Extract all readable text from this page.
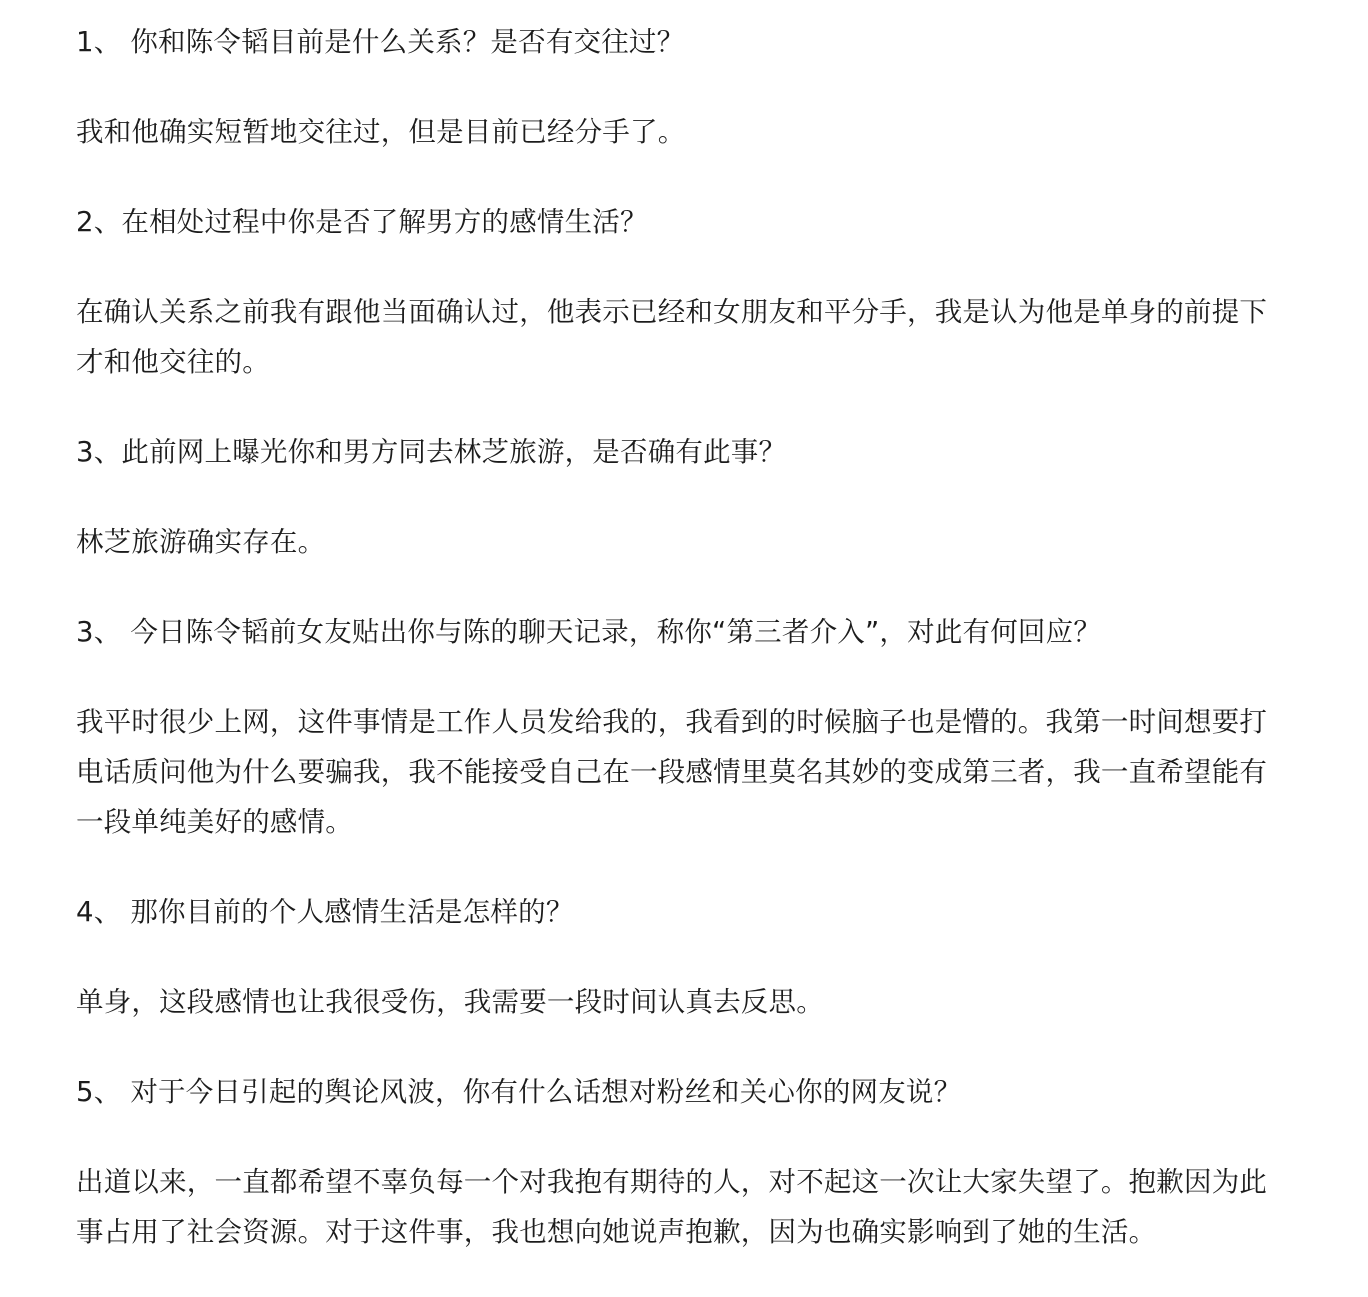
1、 你和陈令韬目前是什么关系？是否有交往过？

我和他确实短暂地交往过，但是目前已经分手了。

2、在相处过程中你是否了解男方的感情生活？

在确认关系之前我有跟他当面确认过，他表示已经和女朋友和平分手，我是认为他是单身的前提下才和他交往的。

3、此前网上曝光你和男方同去林芝旅游，是否确有此事？

林芝旅游确实存在。

3、 今日陈令韬前女友贴出你与陈的聊天记录，称你“第三者介入”，对此有何回应？

我平时很少上网，这件事情是工作人员发给我的，我看到的时候脑子也是懵的。我第一时间想要打电话质问他为什么要骗我，我不能接受自己在一段感情里莫名其妙的变成第三者，我一直希望能有一段单纯美好的感情。

4、 那你目前的个人感情生活是怎样的？

单身，这段感情也让我很受伤，我需要一段时间认真去反思。

5、 对于今日引起的舆论风波，你有什么话想对粉丝和关心你的网友说？

出道以来，一直都希望不辜负每一个对我抱有期待的人，对不起这一次让大家失望了。抱歉因为此事占用了社会资源。对于这件事，我也想向她说声抱歉，因为也确实影响到了她的生活。
